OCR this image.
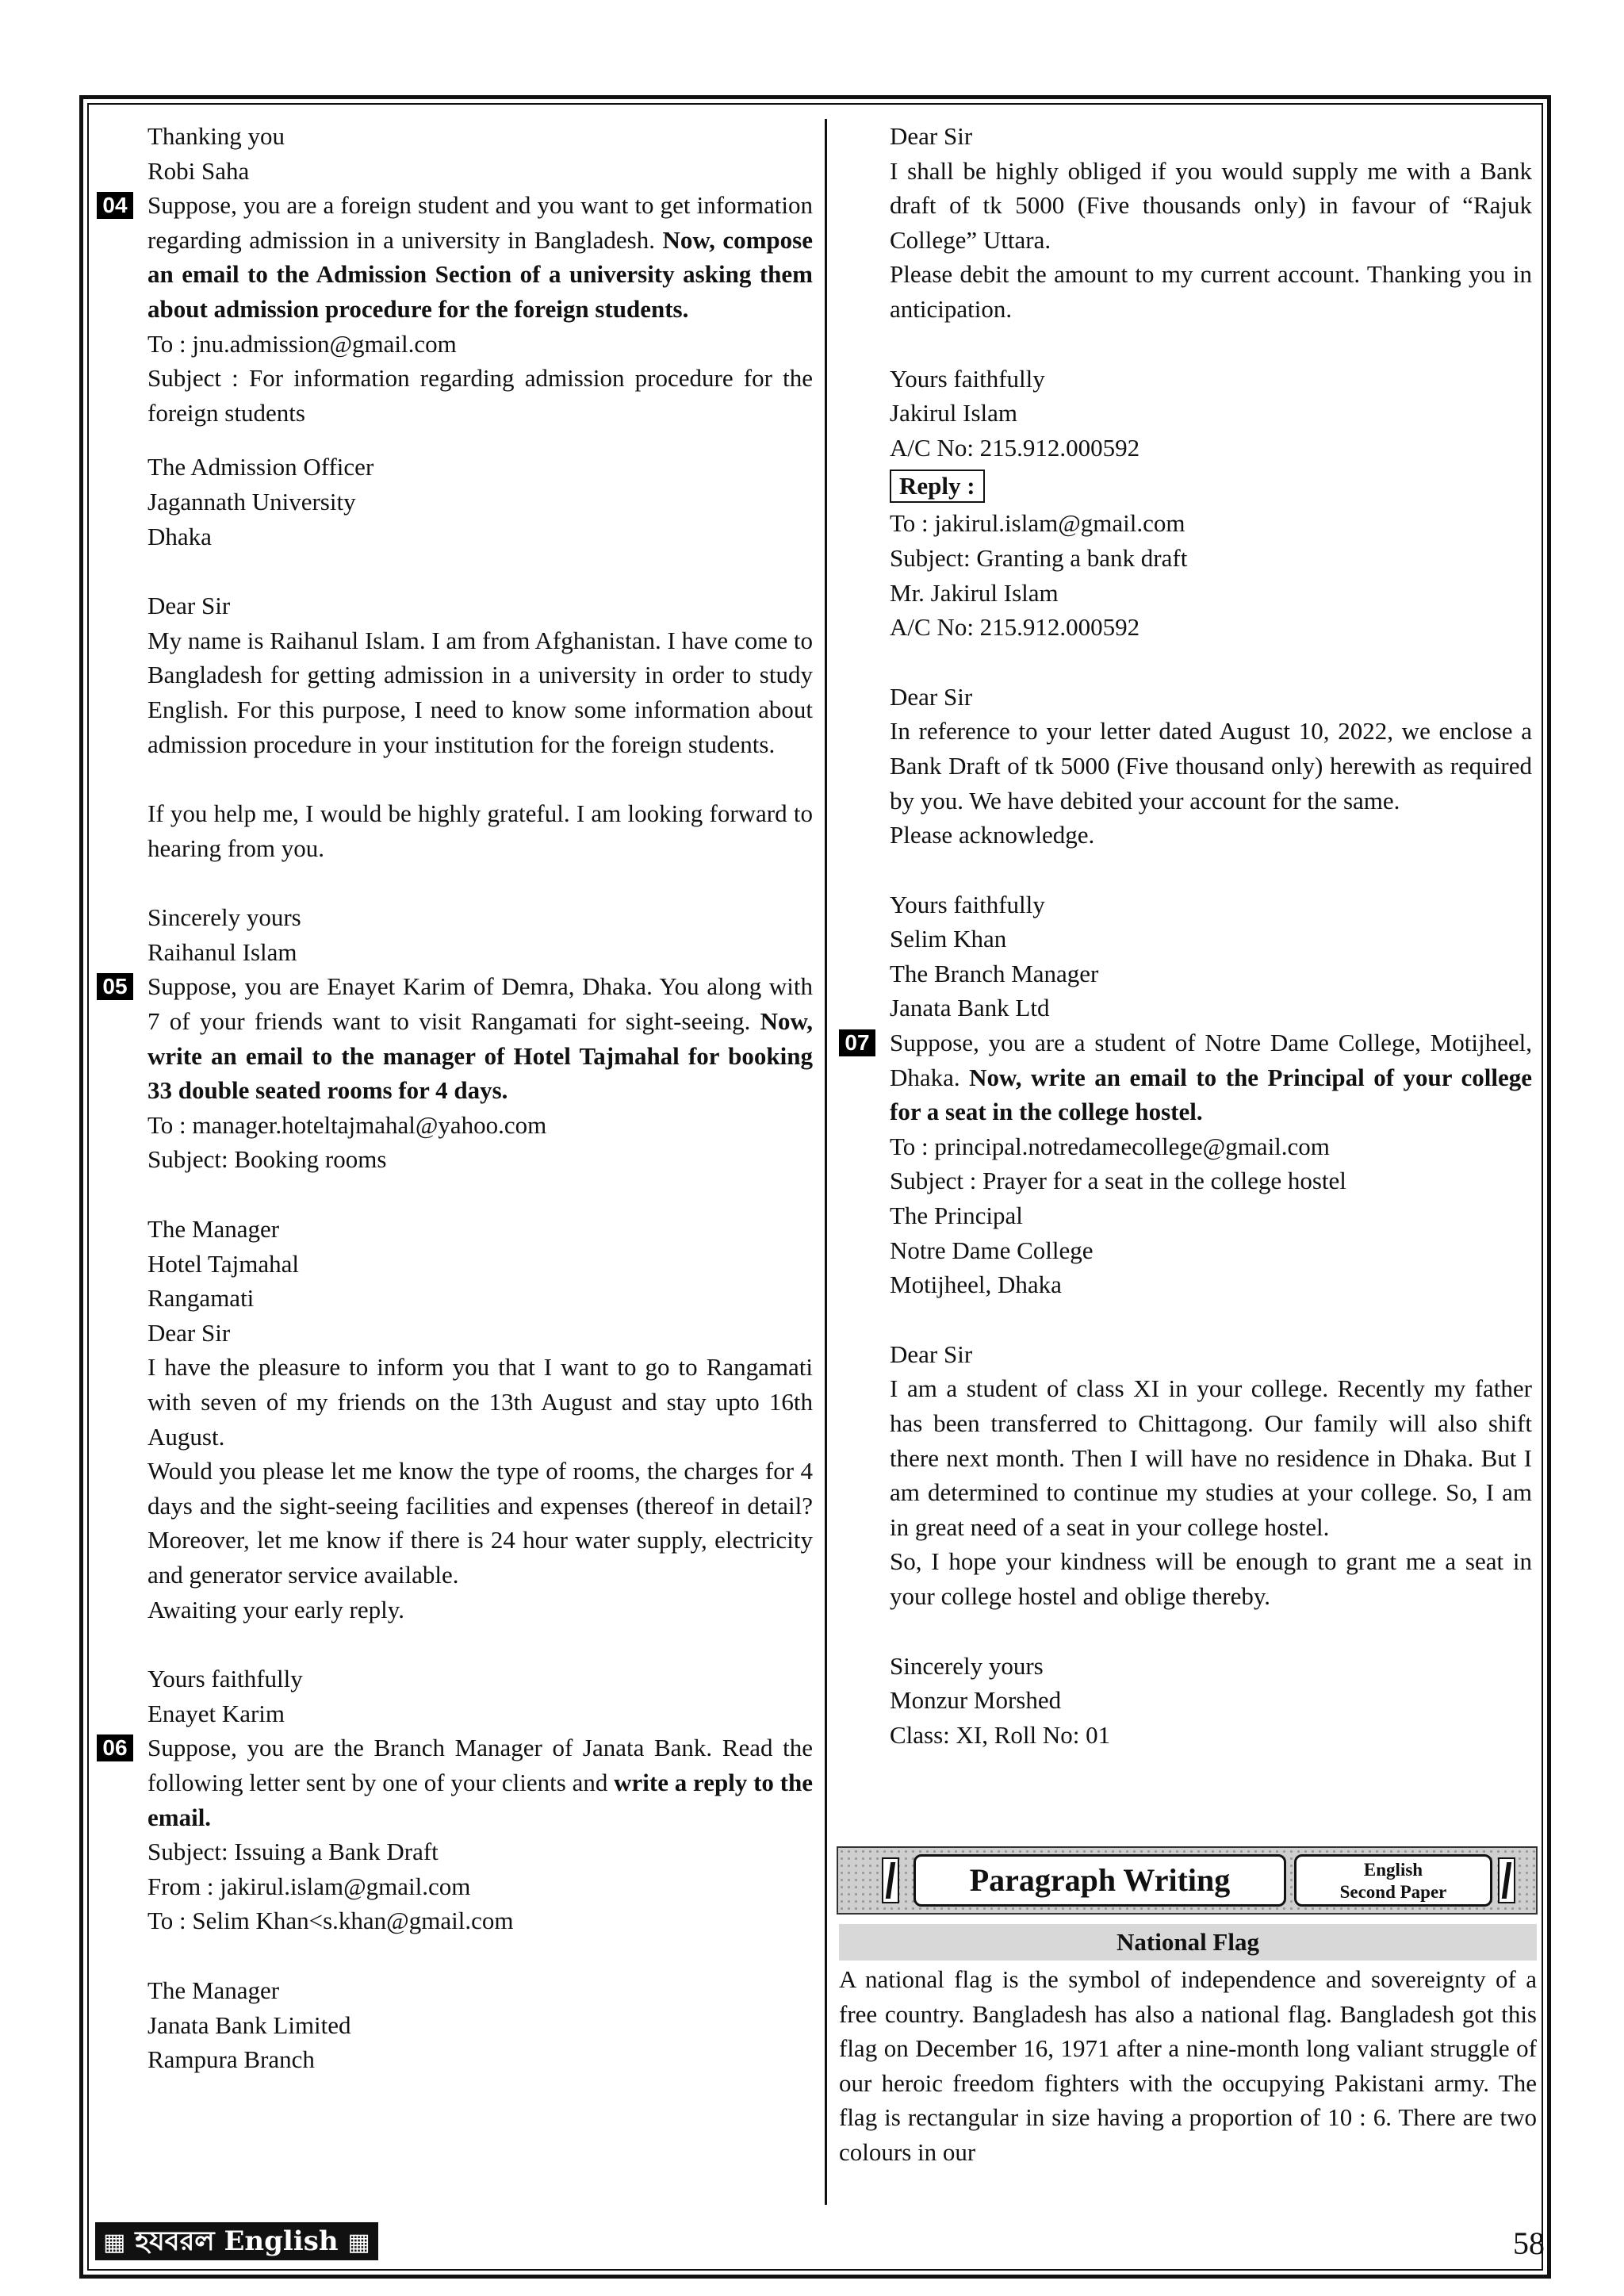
Thanking you
Robi Saha
04 Suppose, you are a foreign student and you want to get information regarding admission in a university in Bangladesh. Now, compose an email to the Admission Section of a university asking them about admission procedure for the foreign students.
To : jnu.admission@gmail.com
Subject : For information regarding admission procedure for the foreign students
The Admission Officer
Jagannath University
Dhaka
Dear Sir
My name is Raihanul Islam. I am from Afghanistan. I have come to Bangladesh for getting admission in a university in order to study English. For this purpose, I need to know some information about admission procedure in your institution for the foreign students.
If you help me, I would be highly grateful. I am looking forward to hearing from you.
Sincerely yours
Raihanul Islam
05 Suppose, you are Enayet Karim of Demra, Dhaka. You along with 7 of your friends want to visit Rangamati for sight-seeing. Now, write an email to the manager of Hotel Tajmahal for booking 33 double seated rooms for 4 days.
To : manager.hoteltajmahal@yahoo.com
Subject: Booking rooms
The Manager
Hotel Tajmahal
Rangamati
Dear Sir
I have the pleasure to inform you that I want to go to Rangamati with seven of my friends on the 13th August and stay upto 16th August.
Would you please let me know the type of rooms, the charges for 4 days and the sight-seeing facilities and expenses (thereof in detail? Moreover, let me know if there is 24 hour water supply, electricity and generator service available.
Awaiting your early reply.
Yours faithfully
Enayet Karim
06 Suppose, you are the Branch Manager of Janata Bank. Read the following letter sent by one of your clients and write a reply to the email.
Subject: Issuing a Bank Draft
From : jakirul.islam@gmail.com
To : Selim Khan<s.khan@gmail.com
The Manager
Janata Bank Limited
Rampura Branch
Dear Sir
I shall be highly obliged if you would supply me with a Bank draft of tk 5000 (Five thousands only) in favour of “Rajuk College” Uttara.
Please debit the amount to my current account. Thanking you in anticipation.
Yours faithfully
Jakirul Islam
A/C No: 215.912.000592
Reply :
To : jakirul.islam@gmail.com
Subject: Granting a bank draft
Mr. Jakirul Islam
A/C No: 215.912.000592
Dear Sir
In reference to your letter dated August 10, 2022, we enclose a Bank Draft of tk 5000 (Five thousand only) herewith as required by you. We have debited your account for the same.
Please acknowledge.
Yours faithfully
Selim Khan
The Branch Manager
Janata Bank Ltd
07 Suppose, you are a student of Notre Dame College, Motijheel, Dhaka. Now, write an email to the Principal of your college for a seat in the college hostel.
To : principal.notredamecollege@gmail.com
Subject : Prayer for a seat in the college hostel
The Principal
Notre Dame College
Motijheel, Dhaka
Dear Sir
I am a student of class XI in your college. Recently my father has been transferred to Chittagong. Our family will also shift there next month. Then I will have no residence in Dhaka. But I am determined to continue my studies at your college. So, I am in great need of a seat in your college hostel.
So, I hope your kindness will be enough to grant me a seat in your college hostel and oblige thereby.
Sincerely yours
Monzur Morshed
Class: XI, Roll No: 01
Paragraph Writing	English
Second Paper
National Flag
A national flag is the symbol of independence and sovereignty of a free country. Bangladesh has also a national flag. Bangladesh got this flag on December 16, 1971 after a nine-month long valiant struggle of our heroic freedom fighters with the occupying Pakistani army. The flag is rectangular in size having a proportion of 10 : 6. There are two colours in our
▦ হযবরল English ▦	58
